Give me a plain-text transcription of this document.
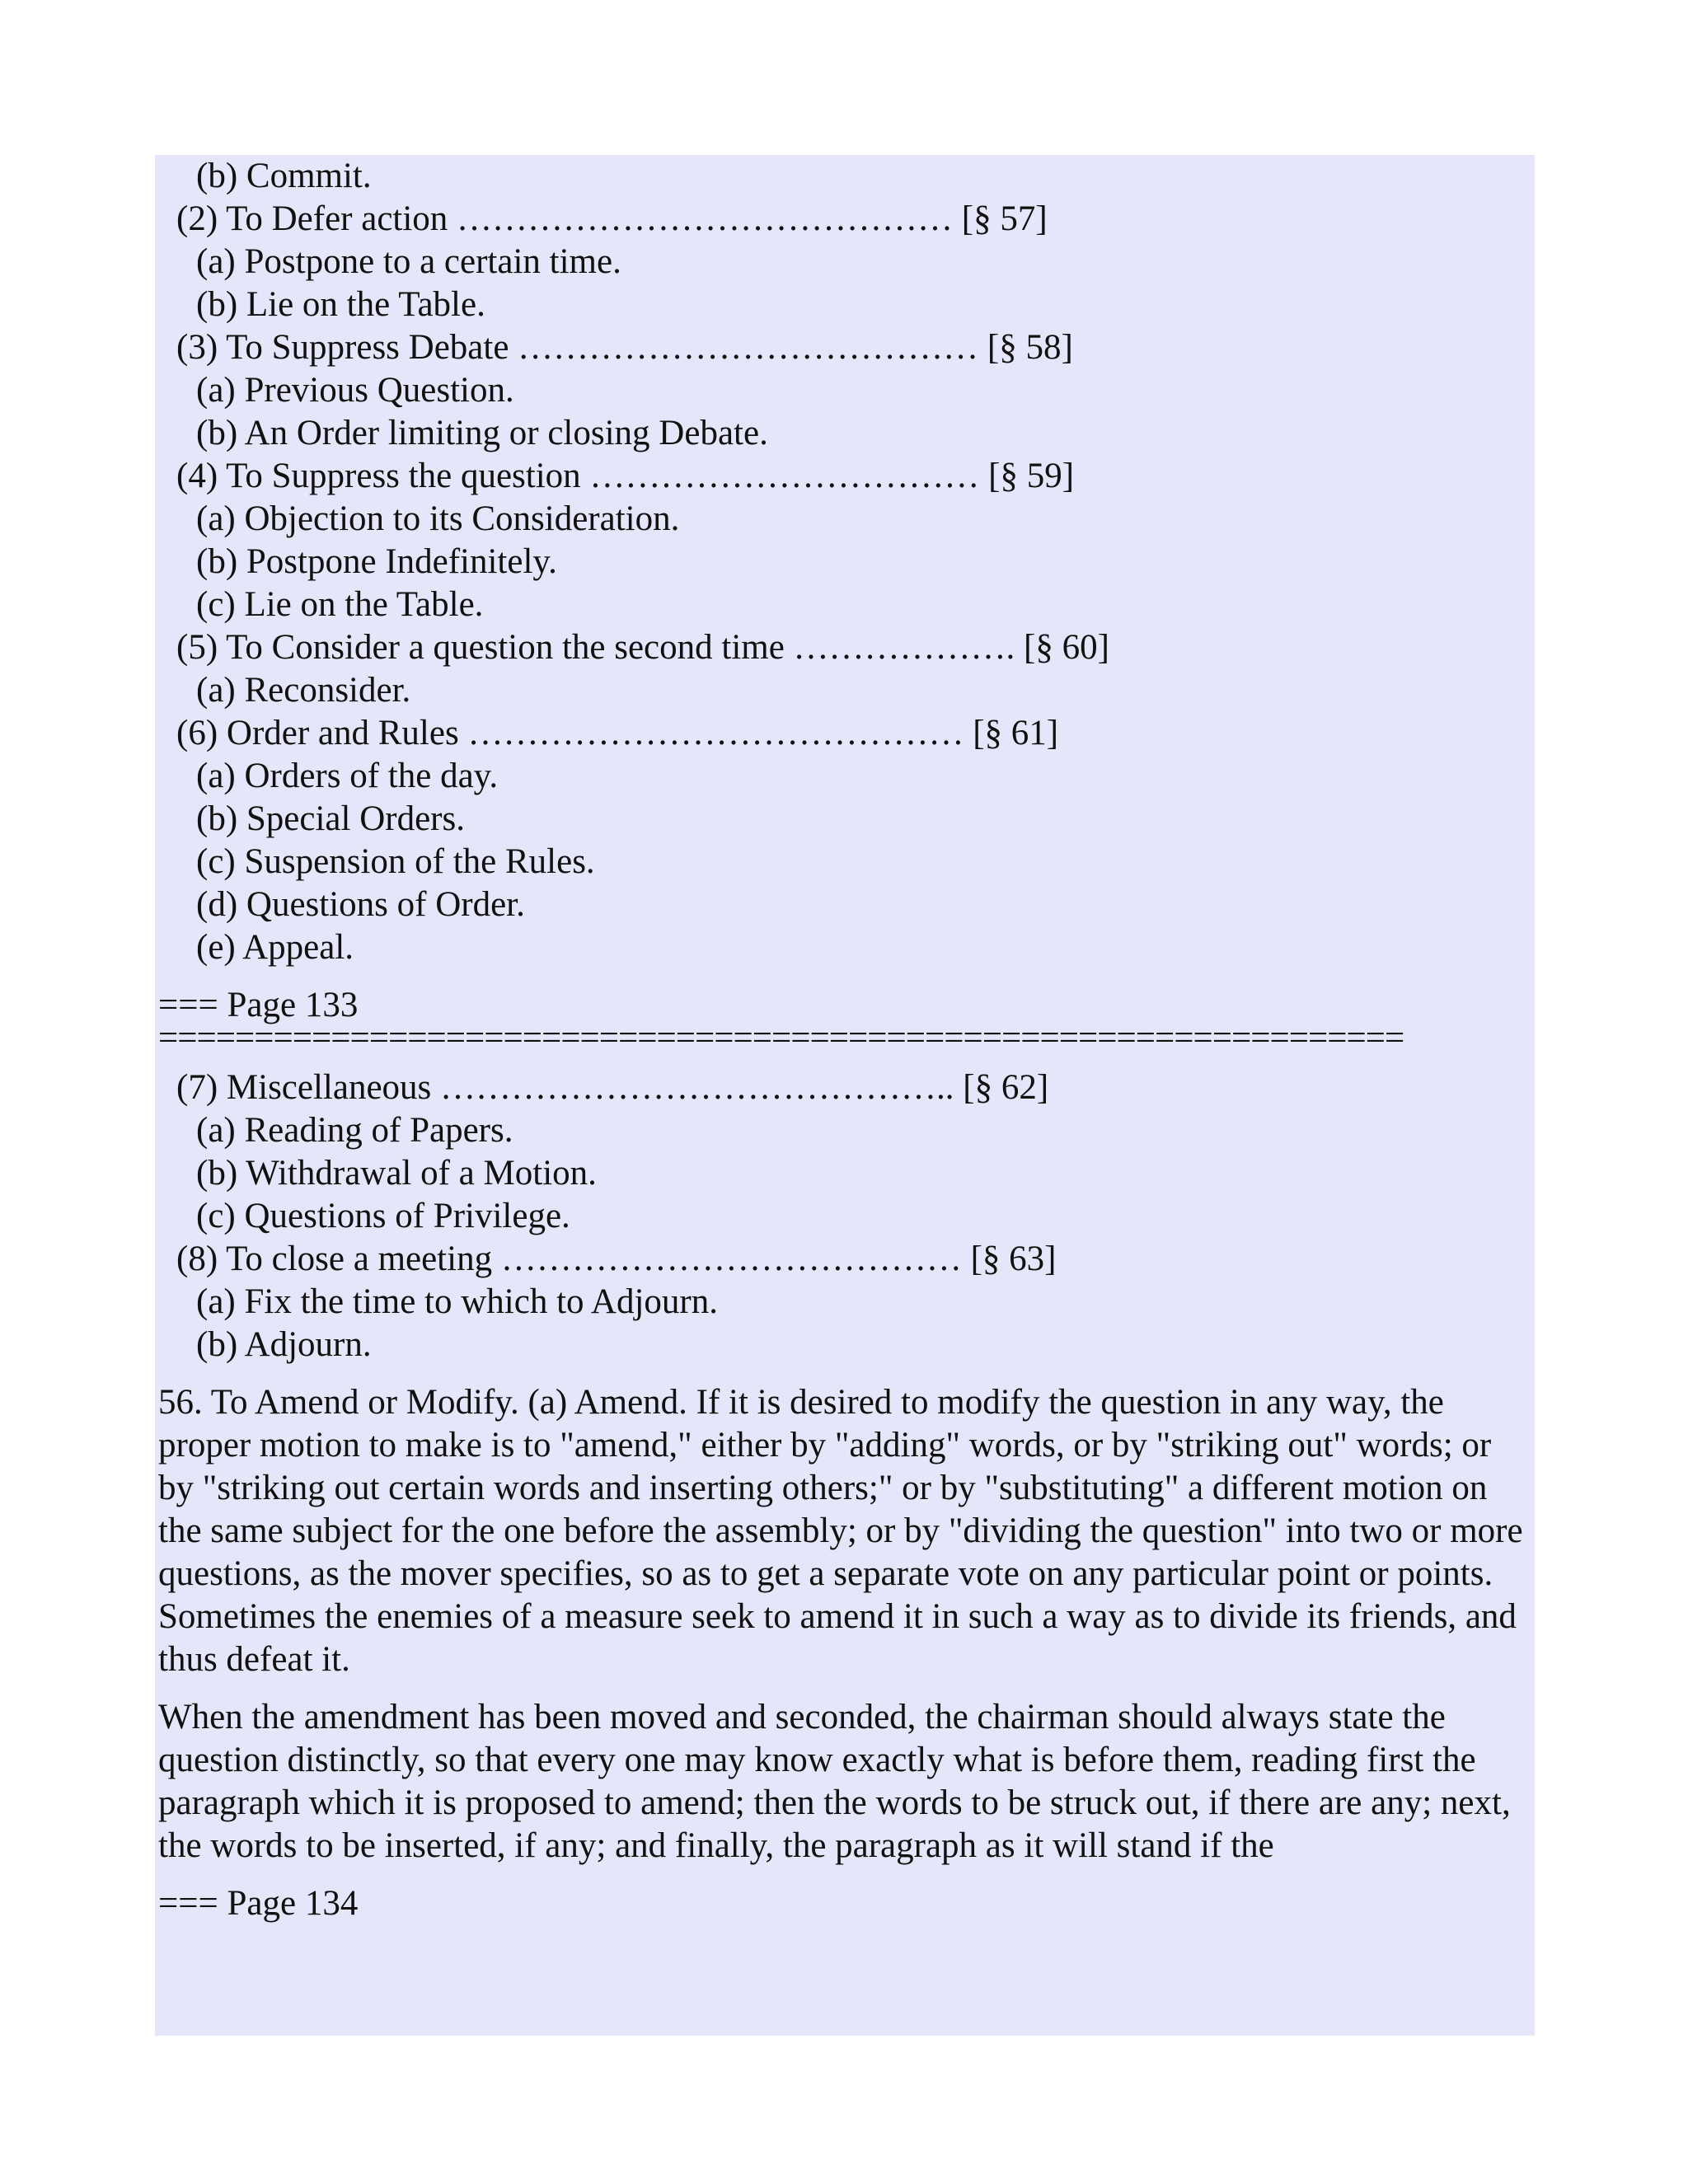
(b) Commit.
(2) To Defer action …………………………………… [§ 57]
(a) Postpone to a certain time.
(b) Lie on the Table.
(3) To Suppress Debate ………………………………… [§ 58]
(a) Previous Question.
(b) An Order limiting or closing Debate.
(4) To Suppress the question …………………………… [§ 59]
(a) Objection to its Consideration.
(b) Postpone Indefinitely.
(c) Lie on the Table.
(5) To Consider a question the second time ………………. [§ 60]
(a) Reconsider.
(6) Order and Rules …………………………………… [§ 61]
(a) Orders of the day.
(b) Special Orders.
(c) Suspension of the Rules.
(d) Questions of Order.
(e) Appeal.
=== Page 133
=================================================================
(7) Miscellaneous …………………………………….. [§ 62]
(a) Reading of Papers.
(b) Withdrawal of a Motion.
(c) Questions of Privilege.
(8) To close a meeting ………………………………… [§ 63]
(a) Fix the time to which to Adjourn.
(b) Adjourn.

56. To Amend or Modify. (a) Amend. If it is desired to modify the question in any way, the proper motion to make is to "amend," either by "adding" words, or by "striking out" words; or by "striking out certain words and inserting others;" or by "substituting" a different motion on the same subject for the one before the assembly; or by "dividing the question" into two or more questions, as the mover specifies, so as to get a separate vote on any particular point or points. Sometimes the enemies of a measure seek to amend it in such a way as to divide its friends, and thus defeat it.

When the amendment has been moved and seconded, the chairman should always state the question distinctly, so that every one may know exactly what is before them, reading first the paragraph which it is proposed to amend; then the words to be struck out, if there are any; next, the words to be inserted, if any; and finally, the paragraph as it will stand if the

=== Page 134
